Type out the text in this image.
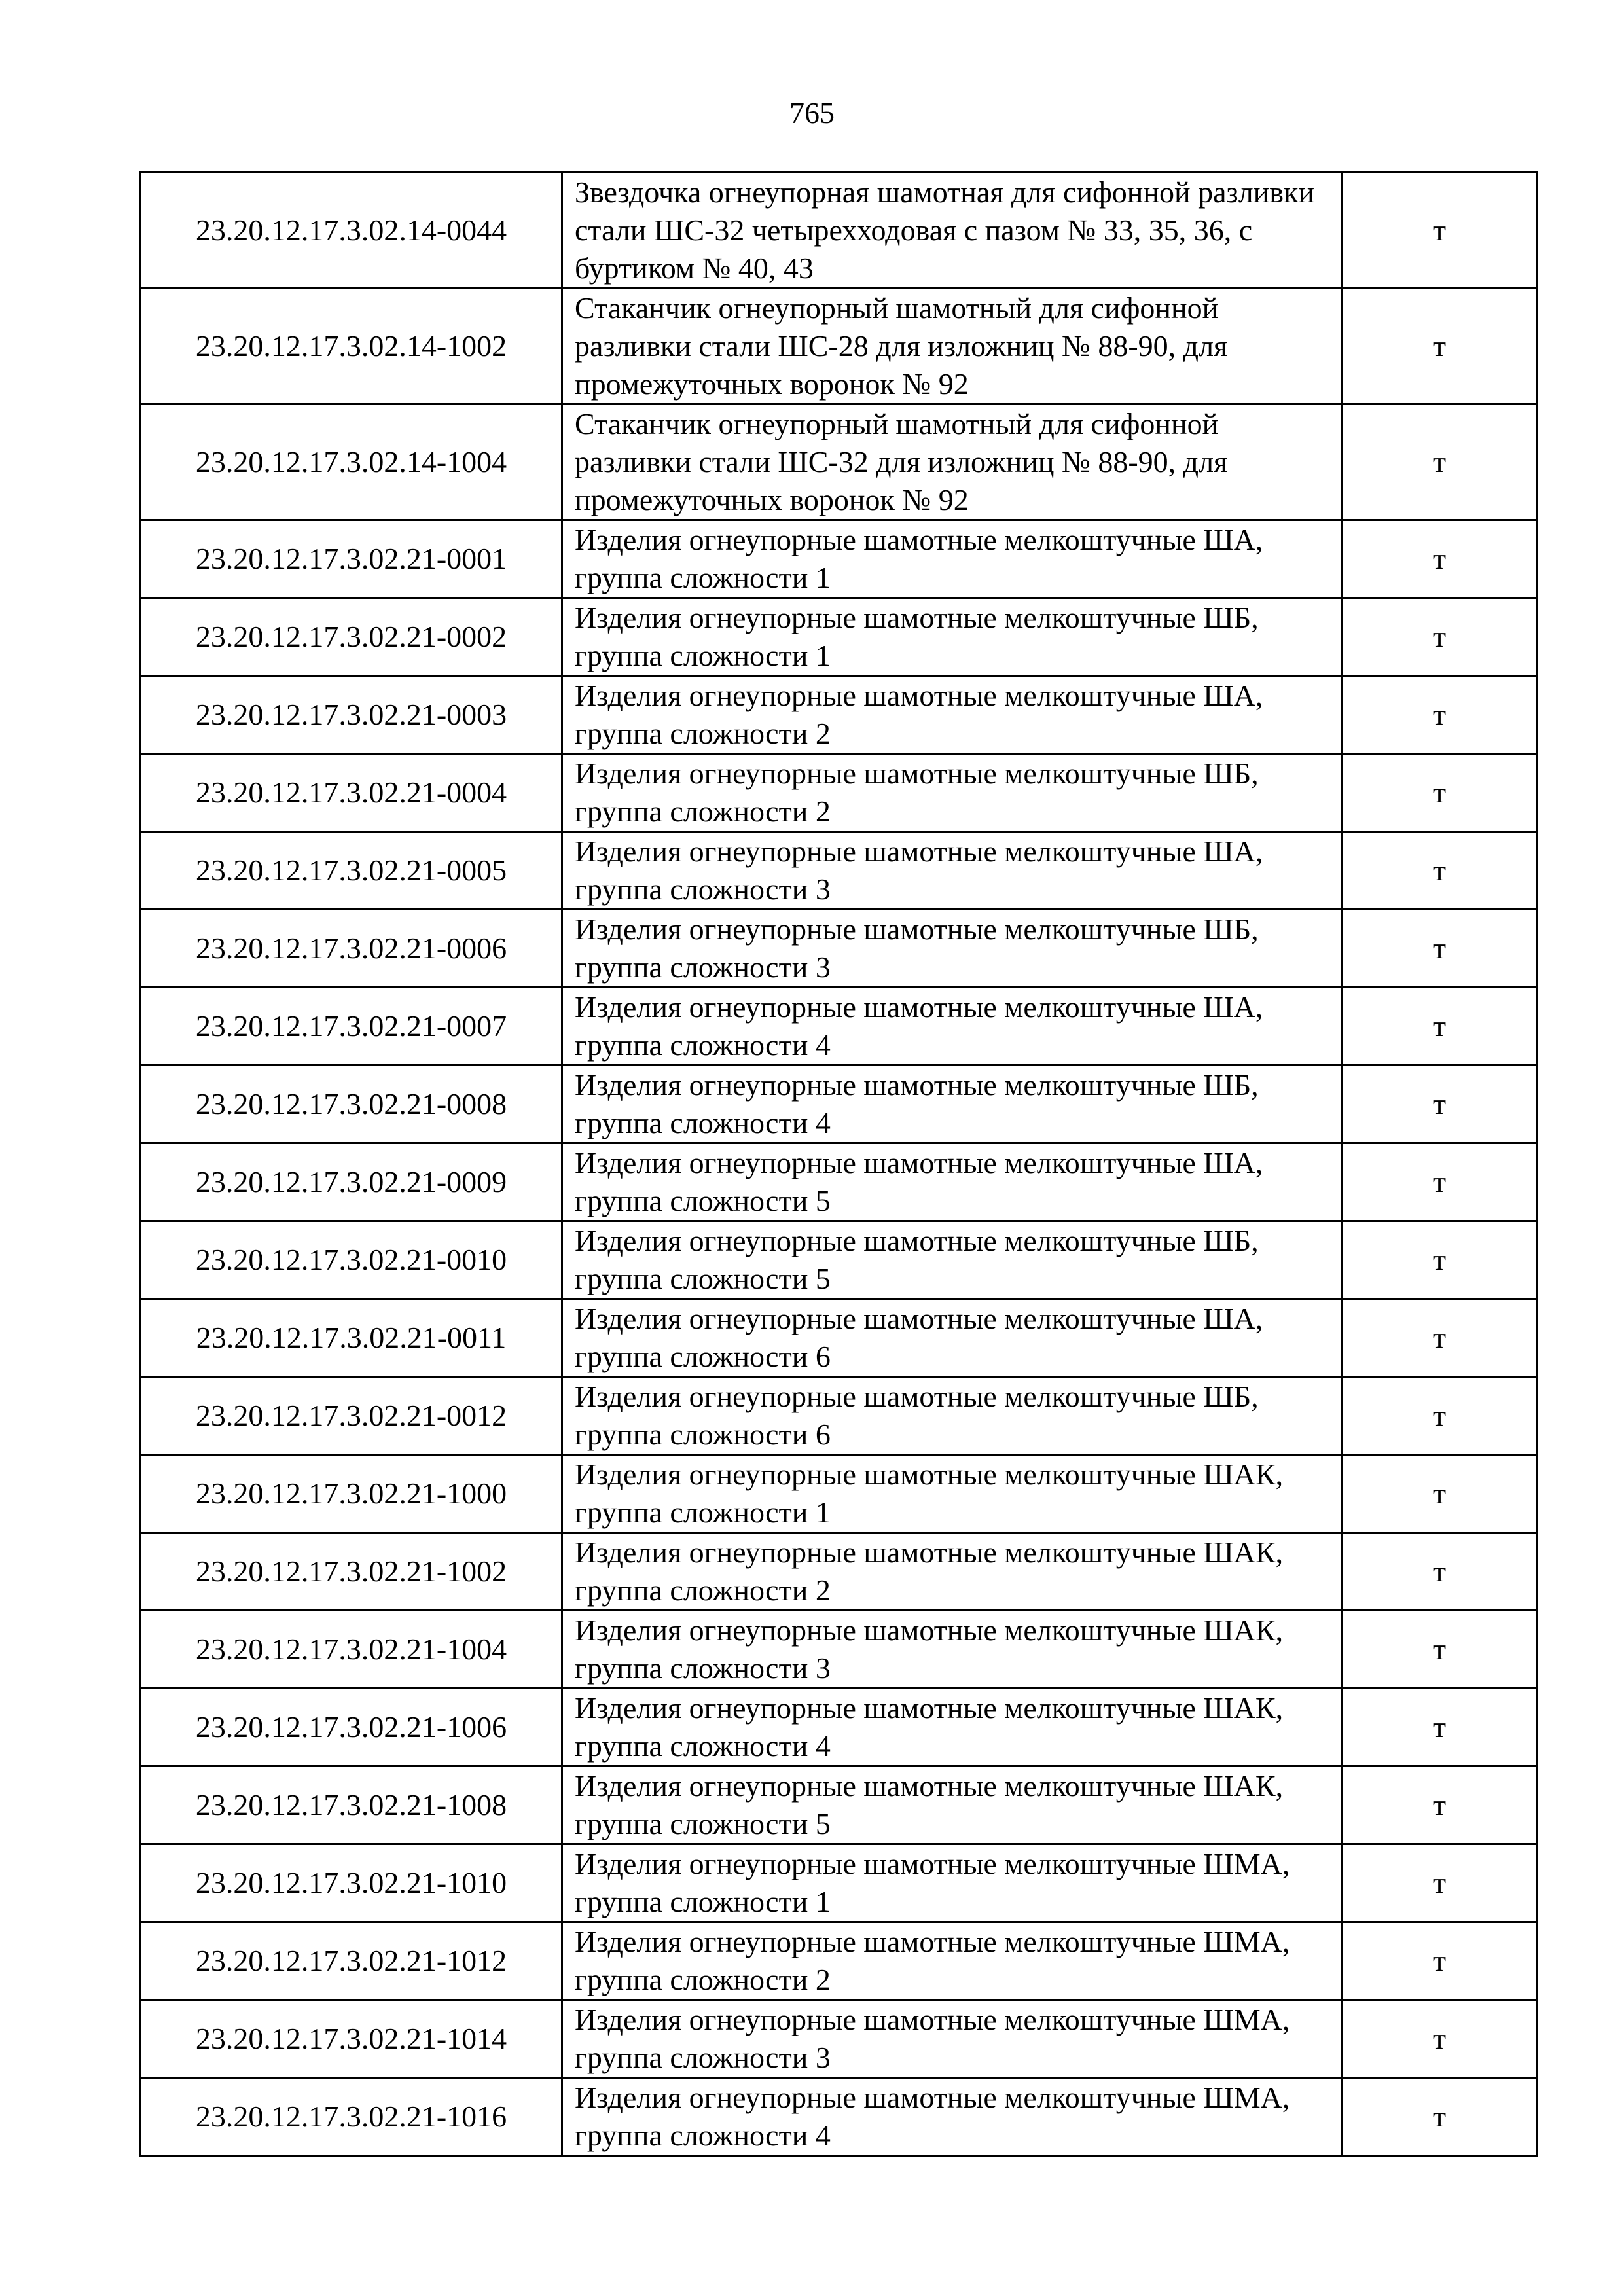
765
23.20.12.17.3.02.14-0044	Звездочка огнеупорная шамотная для сифонной разливки стали ШС-32 четырехходовая с пазом № 33, 35, 36, с буртиком № 40, 43	т
23.20.12.17.3.02.14-1002	Стаканчик огнеупорный шамотный для сифонной разливки стали ШС-28 для изложниц № 88-90, для промежуточных воронок № 92	т
23.20.12.17.3.02.14-1004	Стаканчик огнеупорный шамотный для сифонной разливки стали ШС-32 для изложниц № 88-90, для промежуточных воронок № 92	т
23.20.12.17.3.02.21-0001	Изделия огнеупорные шамотные мелкоштучные ША, группа сложности 1	т
23.20.12.17.3.02.21-0002	Изделия огнеупорные шамотные мелкоштучные ШБ, группа сложности 1	т
23.20.12.17.3.02.21-0003	Изделия огнеупорные шамотные мелкоштучные ША, группа сложности 2	т
23.20.12.17.3.02.21-0004	Изделия огнеупорные шамотные мелкоштучные ШБ, группа сложности 2	т
23.20.12.17.3.02.21-0005	Изделия огнеупорные шамотные мелкоштучные ША, группа сложности 3	т
23.20.12.17.3.02.21-0006	Изделия огнеупорные шамотные мелкоштучные ШБ, группа сложности 3	т
23.20.12.17.3.02.21-0007	Изделия огнеупорные шамотные мелкоштучные ША, группа сложности 4	т
23.20.12.17.3.02.21-0008	Изделия огнеупорные шамотные мелкоштучные ШБ, группа сложности 4	т
23.20.12.17.3.02.21-0009	Изделия огнеупорные шамотные мелкоштучные ША, группа сложности 5	т
23.20.12.17.3.02.21-0010	Изделия огнеупорные шамотные мелкоштучные ШБ, группа сложности 5	т
23.20.12.17.3.02.21-0011	Изделия огнеупорные шамотные мелкоштучные ША, группа сложности 6	т
23.20.12.17.3.02.21-0012	Изделия огнеупорные шамотные мелкоштучные ШБ, группа сложности 6	т
23.20.12.17.3.02.21-1000	Изделия огнеупорные шамотные мелкоштучные ШАК, группа сложности 1	т
23.20.12.17.3.02.21-1002	Изделия огнеупорные шамотные мелкоштучные ШАК, группа сложности 2	т
23.20.12.17.3.02.21-1004	Изделия огнеупорные шамотные мелкоштучные ШАК, группа сложности 3	т
23.20.12.17.3.02.21-1006	Изделия огнеупорные шамотные мелкоштучные ШАК, группа сложности 4	т
23.20.12.17.3.02.21-1008	Изделия огнеупорные шамотные мелкоштучные ШАК, группа сложности 5	т
23.20.12.17.3.02.21-1010	Изделия огнеупорные шамотные мелкоштучные ШМА, группа сложности 1	т
23.20.12.17.3.02.21-1012	Изделия огнеупорные шамотные мелкоштучные ШМА, группа сложности 2	т
23.20.12.17.3.02.21-1014	Изделия огнеупорные шамотные мелкоштучные ШМА, группа сложности 3	т
23.20.12.17.3.02.21-1016	Изделия огнеупорные шамотные мелкоштучные ШМА, группа сложности 4	т
